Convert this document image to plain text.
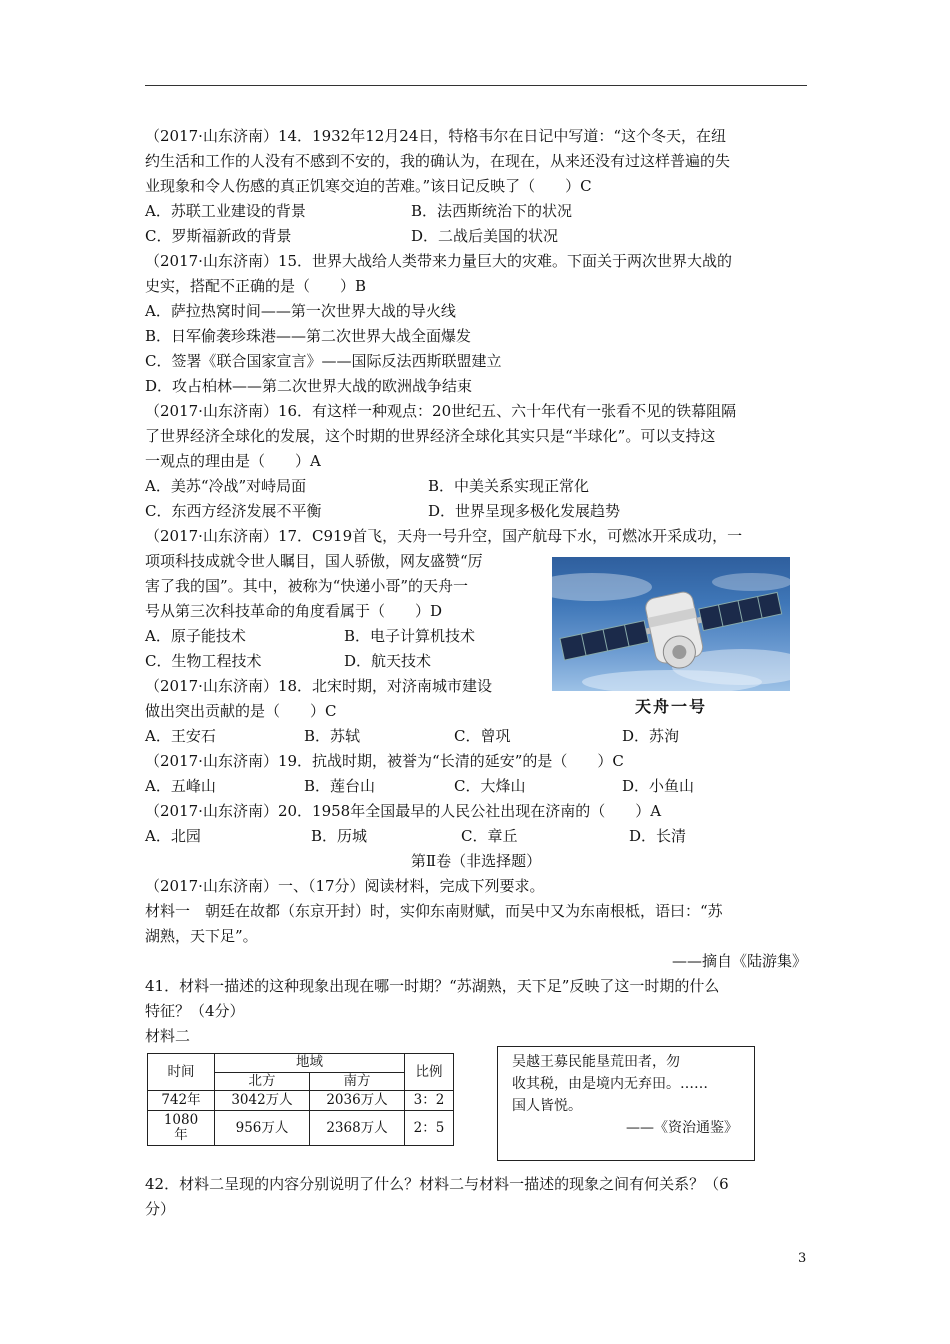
（2017·山东济南）14．1932年12月24日，特格韦尔在日记中写道：“这个冬天，在纽
约生活和工作的人没有不感到不安的，我的确认为，在现在，从来还没有过这样普遍的失
业现象和令人伤感的真正饥寒交迫的苦难。”该日记反映了（　　）C
A．苏联工业建设的背景	B．法西斯统治下的状况
C．罗斯福新政的背景	D．二战后美国的状况
（2017·山东济南）15．世界大战给人类带来力量巨大的灾难。下面关于两次世界大战的
史实，搭配不正确的是（　　）B
A．萨拉热窝时间——第一次世界大战的导火线
B．日军偷袭珍珠港——第二次世界大战全面爆发
C．签署《联合国家宣言》——国际反法西斯联盟建立
D．攻占柏林——第二次世界大战的欧洲战争结束
（2017·山东济南）16．有这样一种观点：20世纪五、六十年代有一张看不见的铁幕阻隔
了世界经济全球化的发展，这个时期的世界经济全球化其实只是“半球化”。可以支持这
一观点的理由是（　　）A
A．美苏“冷战”对峙局面	B．中美关系实现正常化
C．东西方经济发展不平衡	D．世界呈现多极化发展趋势
（2017·山东济南）17．C919首飞，天舟一号升空，国产航母下水，可燃冰开采成功，一
项项科技成就令世人瞩目，国人骄傲，网友盛赞“厉
害了我的国”。其中，被称为“快递小哥”的天舟一
号从第三次科技革命的角度看属于（　　）D
A．原子能技术	B．电子计算机技术
C．生物工程技术	D．航天技术
天舟一号
（2017·山东济南）18．北宋时期，对济南城市建设
做出突出贡献的是（　　）C
A．王安石	B．苏轼	C．曾巩	D．苏洵
（2017·山东济南）19．抗战时期，被誉为“长清的延安”的是（　　）C
A．五峰山	B．莲台山	C．大烽山	D．小鱼山
（2017·山东济南）20．1958年全国最早的人民公社出现在济南的（　　）A
A．北园	B．历城	C．章丘	D．长清
第Ⅱ卷（非选择题）
（2017·山东济南）一、（17分）阅读材料，完成下列要求。
材料一　朝廷在故都（东京开封）时，实仰东南财赋，而吴中又为东南根柢，语曰：“苏
湖熟，天下足”。
——摘自《陆游集》
41．材料一描述的这种现象出现在哪一时期？“苏湖熟，天下足”反映了这一时期的什么
特征？（4分）
材料二
时间	地域		比例
	北方	南方	
742年	3042万人	2036万人	3：2
1080
年	956万人	2368万人	2：5
吴越王募民能垦荒田者，勿
收其税，由是境内无弃田。……
国人皆悦。
——《资治通鉴》
42．材料二呈现的内容分别说明了什么？材料二与材料一描述的现象之间有何关系？（6
分）
3
